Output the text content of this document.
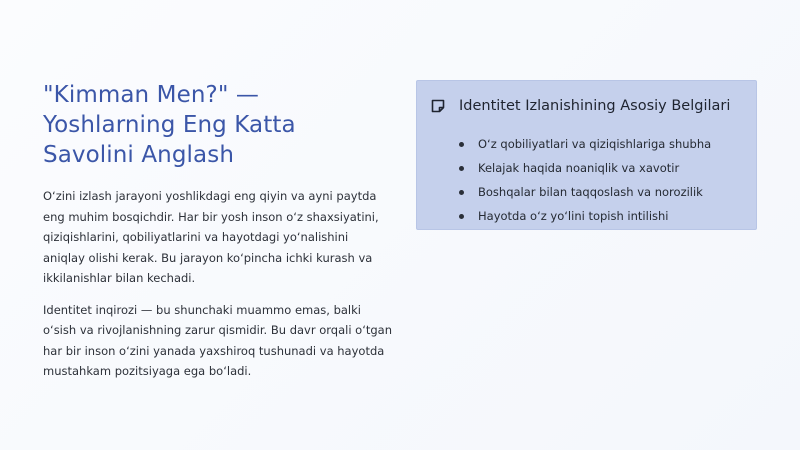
"Kimman Men?" — Yoshlarning Eng Katta Savolini Anglash

O‘zini izlash jarayoni yoshlikdagi eng qiyin va ayni paytda eng muhim bosqichdir. Har bir yosh inson o‘z shaxsiyatini, qiziqishlarini, qobiliyatlarini va hayotdagi yo‘nalishini aniqlay olishi kerak. Bu jarayon ko‘pincha ichki kurash va ikkilanishlar bilan kechadi.

Identitet inqirozi — bu shunchaki muammo emas, balki o‘sish va rivojlanishning zarur qismidir. Bu davr orqali o‘tgan har bir inson o‘zini yanada yaxshiroq tushunadi va hayotda mustahkam pozitsiyaga ega bo‘ladi.

Identitet Izlanishining Asosiy Belgilari
O‘z qobiliyatlari va qiziqishlariga shubha
Kelajak haqida noaniqlik va xavotir
Boshqalar bilan taqqoslash va norozilik
Hayotda o‘z yo‘lini topish intilishi
